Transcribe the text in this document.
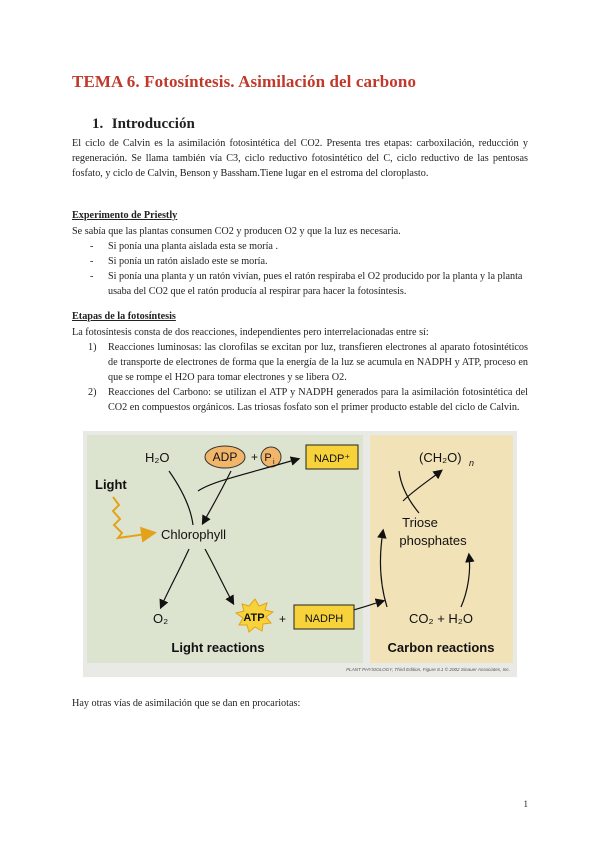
TEMA 6. Fotosíntesis. Asimilación del carbono
1. Introducción

El ciclo de Calvin es la asimilación fotosintética del CO2. Presenta tres etapas: carboxilación, reducción y regeneración. Se llama también vía C3, ciclo reductivo fotosintético del C, ciclo reductivo de las pentosas fosfato, y ciclo de Calvin, Benson y Bassham.Tiene lugar en el estroma del cloroplasto.

Experimento de Priestly

Se sabía que las plantas consumen CO2 y producen O2 y que la luz es necesaria.

- Si ponía una planta aislada esta se moría .
- Si ponía un ratón aislado este se moría.
- Si ponía una planta y un ratón vivían, pues el ratón respiraba el O2 producido por la planta y la planta usaba del CO2 que el ratón producía al respirar para hacer la fotosíntesis.

Etapas de la fotosíntesis

La fotosíntesis consta de dos reacciones, independientes pero interrelacionadas entre sí:

1) Reacciones luminosas: las clorofilas se excitan por luz, transfieren electrones al aparato fotosintéticos de transporte de electrones de forma que la energía de la luz se acumula en NADPH y ATP, proceso en que se rompe el H2O para tomar electrones y se libera O2.
2) Reacciones del Carbono: se utilizan el ATP y NADPH generados para la asimilación fotosintética del CO2 en compuestos orgánicos. Las triosas fosfato son el primer producto estable del ciclo de Calvin.
H₂O	ADP + P i	NADP⁺	(CH₂O) n
Light
Chlorophyll
Triose
phosphates
O₂	ATP + NADPH	CO₂ + H₂O
Light reactions	Carbon reactions
PLANT PHYSIOLOGY, Third Edition, Figure 8.1 © 2002 Sinauer Associates, Inc.

Hay otras vías de asimilación que se dan en procariotas:

1
